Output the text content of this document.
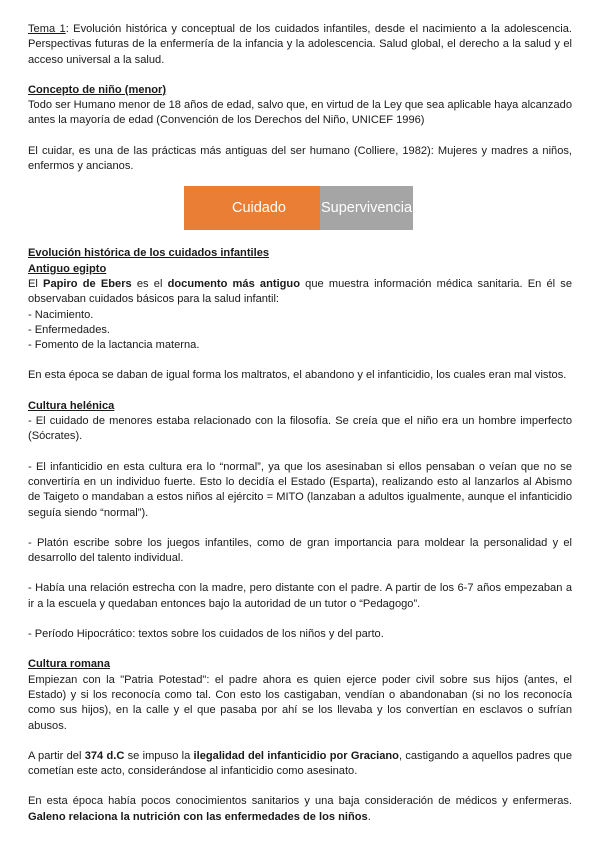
Tema 1: Evolución histórica y conceptual de los cuidados infantiles, desde el nacimiento a la adolescencia. Perspectivas futuras de la enfermería de la infancia y la adolescencia. Salud global, el derecho a la salud y el acceso universal a la salud.

Concepto de niño (menor)

Todo ser Humano menor de 18 años de edad, salvo que, en virtud de la Ley que sea aplicable haya alcanzado antes la mayoría de edad (Convención de los Derechos del Niño, UNICEF 1996)

El cuidar, es una de las prácticas más antiguas del ser humano (Colliere, 1982): Mujeres y madres a niños, enfermos y ancianos.

Cuidado	Supervivencia

Evolución histórica de los cuidados infantiles

Antiguo egipto

El Papiro de Ebers es el documento más antiguo que muestra información médica sanitaria. En él se observaban cuidados básicos para la salud infantil:

- Nacimiento.

- Enfermedades.

- Fomento de la lactancia materna.

En esta época se daban de igual forma los maltratos, el abandono y el infanticidio, los cuales eran mal vistos.

Cultura helénica

- El cuidado de menores estaba relacionado con la filosofía. Se creía que el niño era un hombre imperfecto (Sócrates).

- El infanticidio en esta cultura era lo “normal”, ya que los asesinaban si ellos pensaban o veían que no se convertiría en un individuo fuerte. Esto lo decidía el Estado (Esparta), realizando esto al lanzarlos al Abismo de Taigeto o mandaban a estos niños al ejército = MITO (lanzaban a adultos igualmente, aunque el infanticidio seguía siendo “normal”).

- Platón escribe sobre los juegos infantiles, como de gran importancia para moldear la personalidad y el desarrollo del talento individual.

- Había una relación estrecha con la madre, pero distante con el padre. A partir de los 6-7 años empezaban a ir a la escuela y quedaban entonces bajo la autoridad de un tutor o “Pedagogo”.

- Período Hipocrático: textos sobre los cuidados de los niños y del parto.

Cultura romana

Empiezan con la "Patria Potestad": el padre ahora es quien ejerce poder civil sobre sus hijos (antes, el Estado) y si los reconocía como tal. Con esto los castigaban, vendían o abandonaban (si no los reconocía como sus hijos), en la calle y el que pasaba por ahí se los llevaba y los convertían en esclavos o sufrían abusos.

A partir del 374 d.C se impuso la ilegalidad del infanticidio por Graciano, castigando a aquellos padres que cometían este acto, considerándose al infanticidio como asesinato.

En esta época había pocos conocimientos sanitarios y una baja consideración de médicos y enfermeras. Galeno relaciona la nutrición con las enfermedades de los niños.
